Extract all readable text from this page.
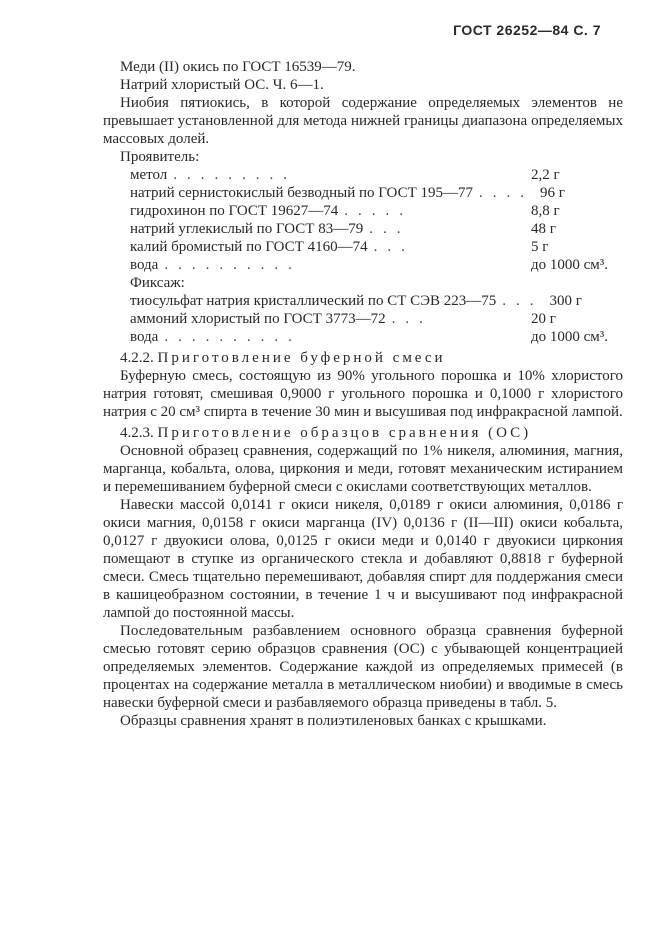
ГОСТ 26252—84 С. 7
Меди (II) окись по ГОСТ 16539—79.
Натрий хлористый ОС. Ч. 6—1.
Ниобия пятиокись, в которой содержание определяемых элементов не превышает установленной для метода нижней границы диапазона определяемых массовых долей.
Проявитель:
метол .........	2,2 г
натрий сернистокислый безводный по ГОСТ 195—77 .... 96 г
гидрохинон по ГОСТ 19627—74 .....	8,8 г
натрий углекислый по ГОСТ 83—79 ...	48 г
калий бромистый по ГОСТ 4160—74 ...	5 г
вода ..........	до 1000 см³.
Фиксаж:
тиосульфат натрия кристаллический по СТ СЭВ 223—75 ... 300 г
аммоний хлористый по ГОСТ 3773—72 ...	20 г
вода ..........	до 1000 см³.
4.2.2. Приготовление буферной смеси
Буферную смесь, состоящую из 90% угольного порошка и 10% хлористого натрия готовят, смешивая 0,9000 г угольного порошка и 0,1000 г хлористого натрия с 20 см³ спирта в течение 30 мин и высушивая под инфракрасной лампой.
4.2.3. Приготовление образцов сравнения (ОС)
Основной образец сравнения, содержащий по 1% никеля, алюминия, магния, марганца, кобальта, олова, циркония и меди, готовят механическим истиранием и перемешиванием буферной смеси с окислами соответствующих металлов.
Навески массой 0,0141 г окиси никеля, 0,0189 г окиси алюминия, 0,0186 г окиси магния, 0,0158 г окиси марганца (IV) 0,0136 г (II—III) окиси кобальта, 0,0127 г двуокиси олова, 0,0125 г окиси меди и 0,0140 г двуокиси циркония помещают в ступке из органического стекла и добавляют 0,8818 г буферной смеси. Смесь тщательно перемешивают, добавляя спирт для поддержания смеси в кашицеобразном состоянии, в течение 1 ч и высушивают под инфракрасной лампой до постоянной массы.
Последовательным разбавлением основного образца сравнения буферной смесью готовят серию образцов сравнения (ОС) с убывающей концентрацией определяемых элементов. Содержание каждой из определяемых примесей (в процентах на содержание металла в металлическом ниобии) и вводимые в смесь навески буферной смеси и разбавляемого образца приведены в табл. 5.
Образцы сравнения хранят в полиэтиленовых банках с крышками.
